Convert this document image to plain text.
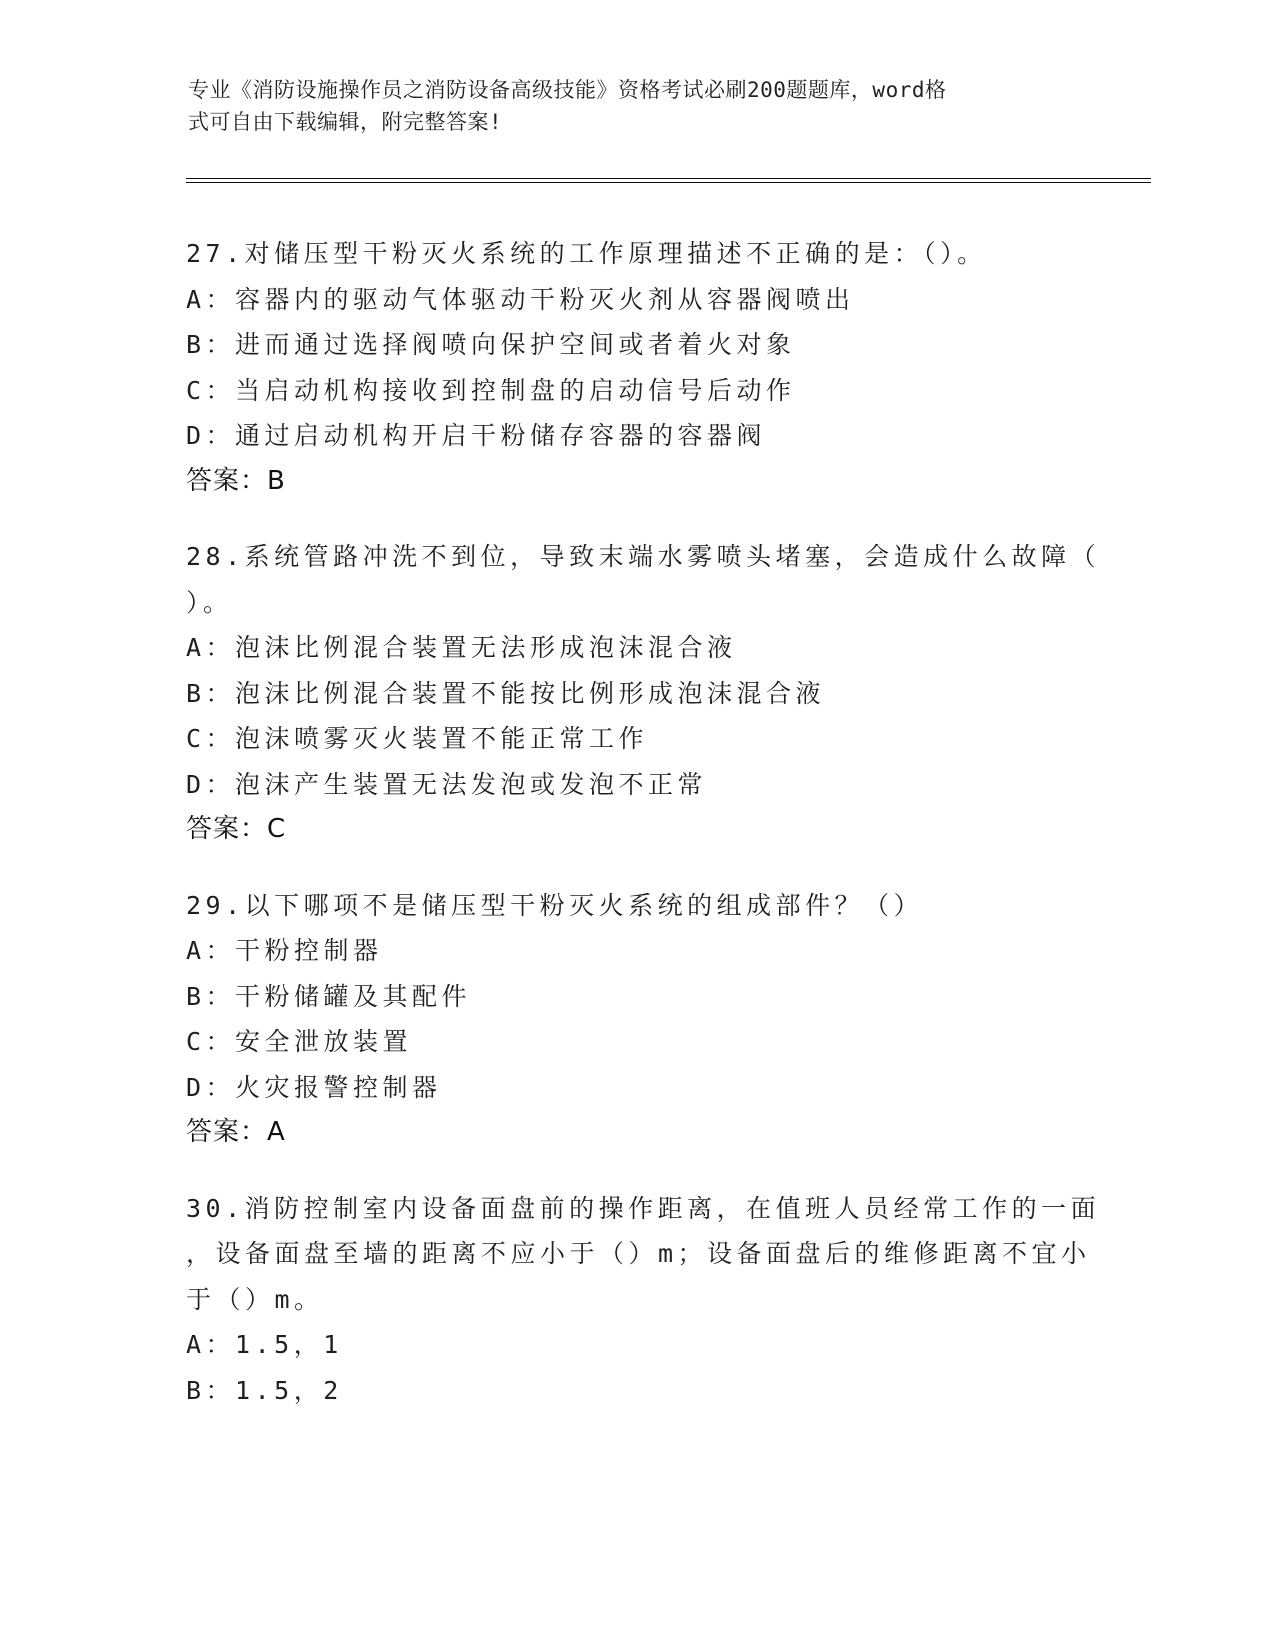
专业《消防设施操作员之消防设备高级技能》资格考试必刷200题题库，word格
式可自由下载编辑，附完整答案!
27.对储压型干粉灭火系统的工作原理描述不正确的是：（）。
A：容器内的驱动气体驱动干粉灭火剂从容器阀喷出
B：进而通过选择阀喷向保护空间或者着火对象
C：当启动机构接收到控制盘的启动信号后动作
D：通过启动机构开启干粉储存容器的容器阀
答案：B
28.系统管路冲洗不到位，导致末端水雾喷头堵塞，会造成什么故障（
）。
A：泡沫比例混合装置无法形成泡沫混合液
B：泡沫比例混合装置不能按比例形成泡沫混合液
C：泡沫喷雾灭火装置不能正常工作
D：泡沫产生装置无法发泡或发泡不正常
答案：C
29.以下哪项不是储压型干粉灭火系统的组成部件？（）
A：干粉控制器
B：干粉储罐及其配件
C：安全泄放装置
D：火灾报警控制器
答案：A
30.消防控制室内设备面盘前的操作距离，在值班人员经常工作的一面
，设备面盘至墙的距离不应小于（）m；设备面盘后的维修距离不宜小
于（）m。
A：1.5，1
B：1.5，2
